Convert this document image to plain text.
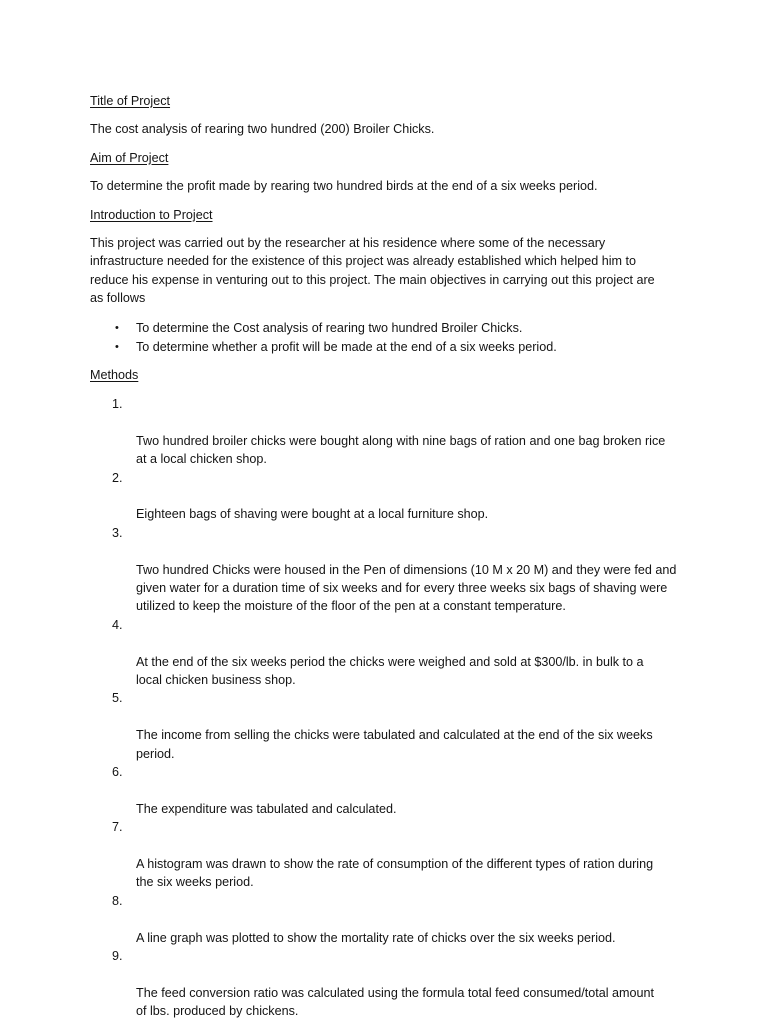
Title of Project
The cost analysis of rearing two hundred (200) Broiler Chicks.
Aim of Project
To determine the profit made by rearing two hundred birds at the end of a six weeks period.
Introduction to Project
This project was carried out by the researcher at his residence where some of the necessary
infrastructure needed for the existence of this project was already established which helped him to
reduce his expense in venturing out to this project. The main objectives in carrying out this project are
as follows
• To determine the Cost analysis of rearing two hundred Broiler Chicks.
• To determine whether a profit will be made at the end of a six weeks period.
Methods

1.

Two hundred broiler chicks were bought along with nine bags of ration and one bag broken rice
at a local chicken shop.

2.

Eighteen bags of shaving were bought at a local furniture shop.

3.

Two hundred Chicks were housed in the Pen of dimensions (10 M x 20 M) and they were fed and
given water for a duration time of six weeks and for every three weeks six bags of shaving were
utilized to keep the moisture of the floor of the pen at a constant temperature.

4.

At the end of the six weeks period the chicks were weighed and sold at $300/lb. in bulk to a
local chicken business shop.

5.

The income from selling the chicks were tabulated and calculated at the end of the six weeks
period.

6.

The expenditure was tabulated and calculated.

7.

A histogram was drawn to show the rate of consumption of the different types of ration during
the six weeks period.

8.

A line graph was plotted to show the mortality rate of chicks over the six weeks period.

9.

The feed conversion ratio was calculated using the formula total feed consumed/total amount
of lbs. produced by chickens.
